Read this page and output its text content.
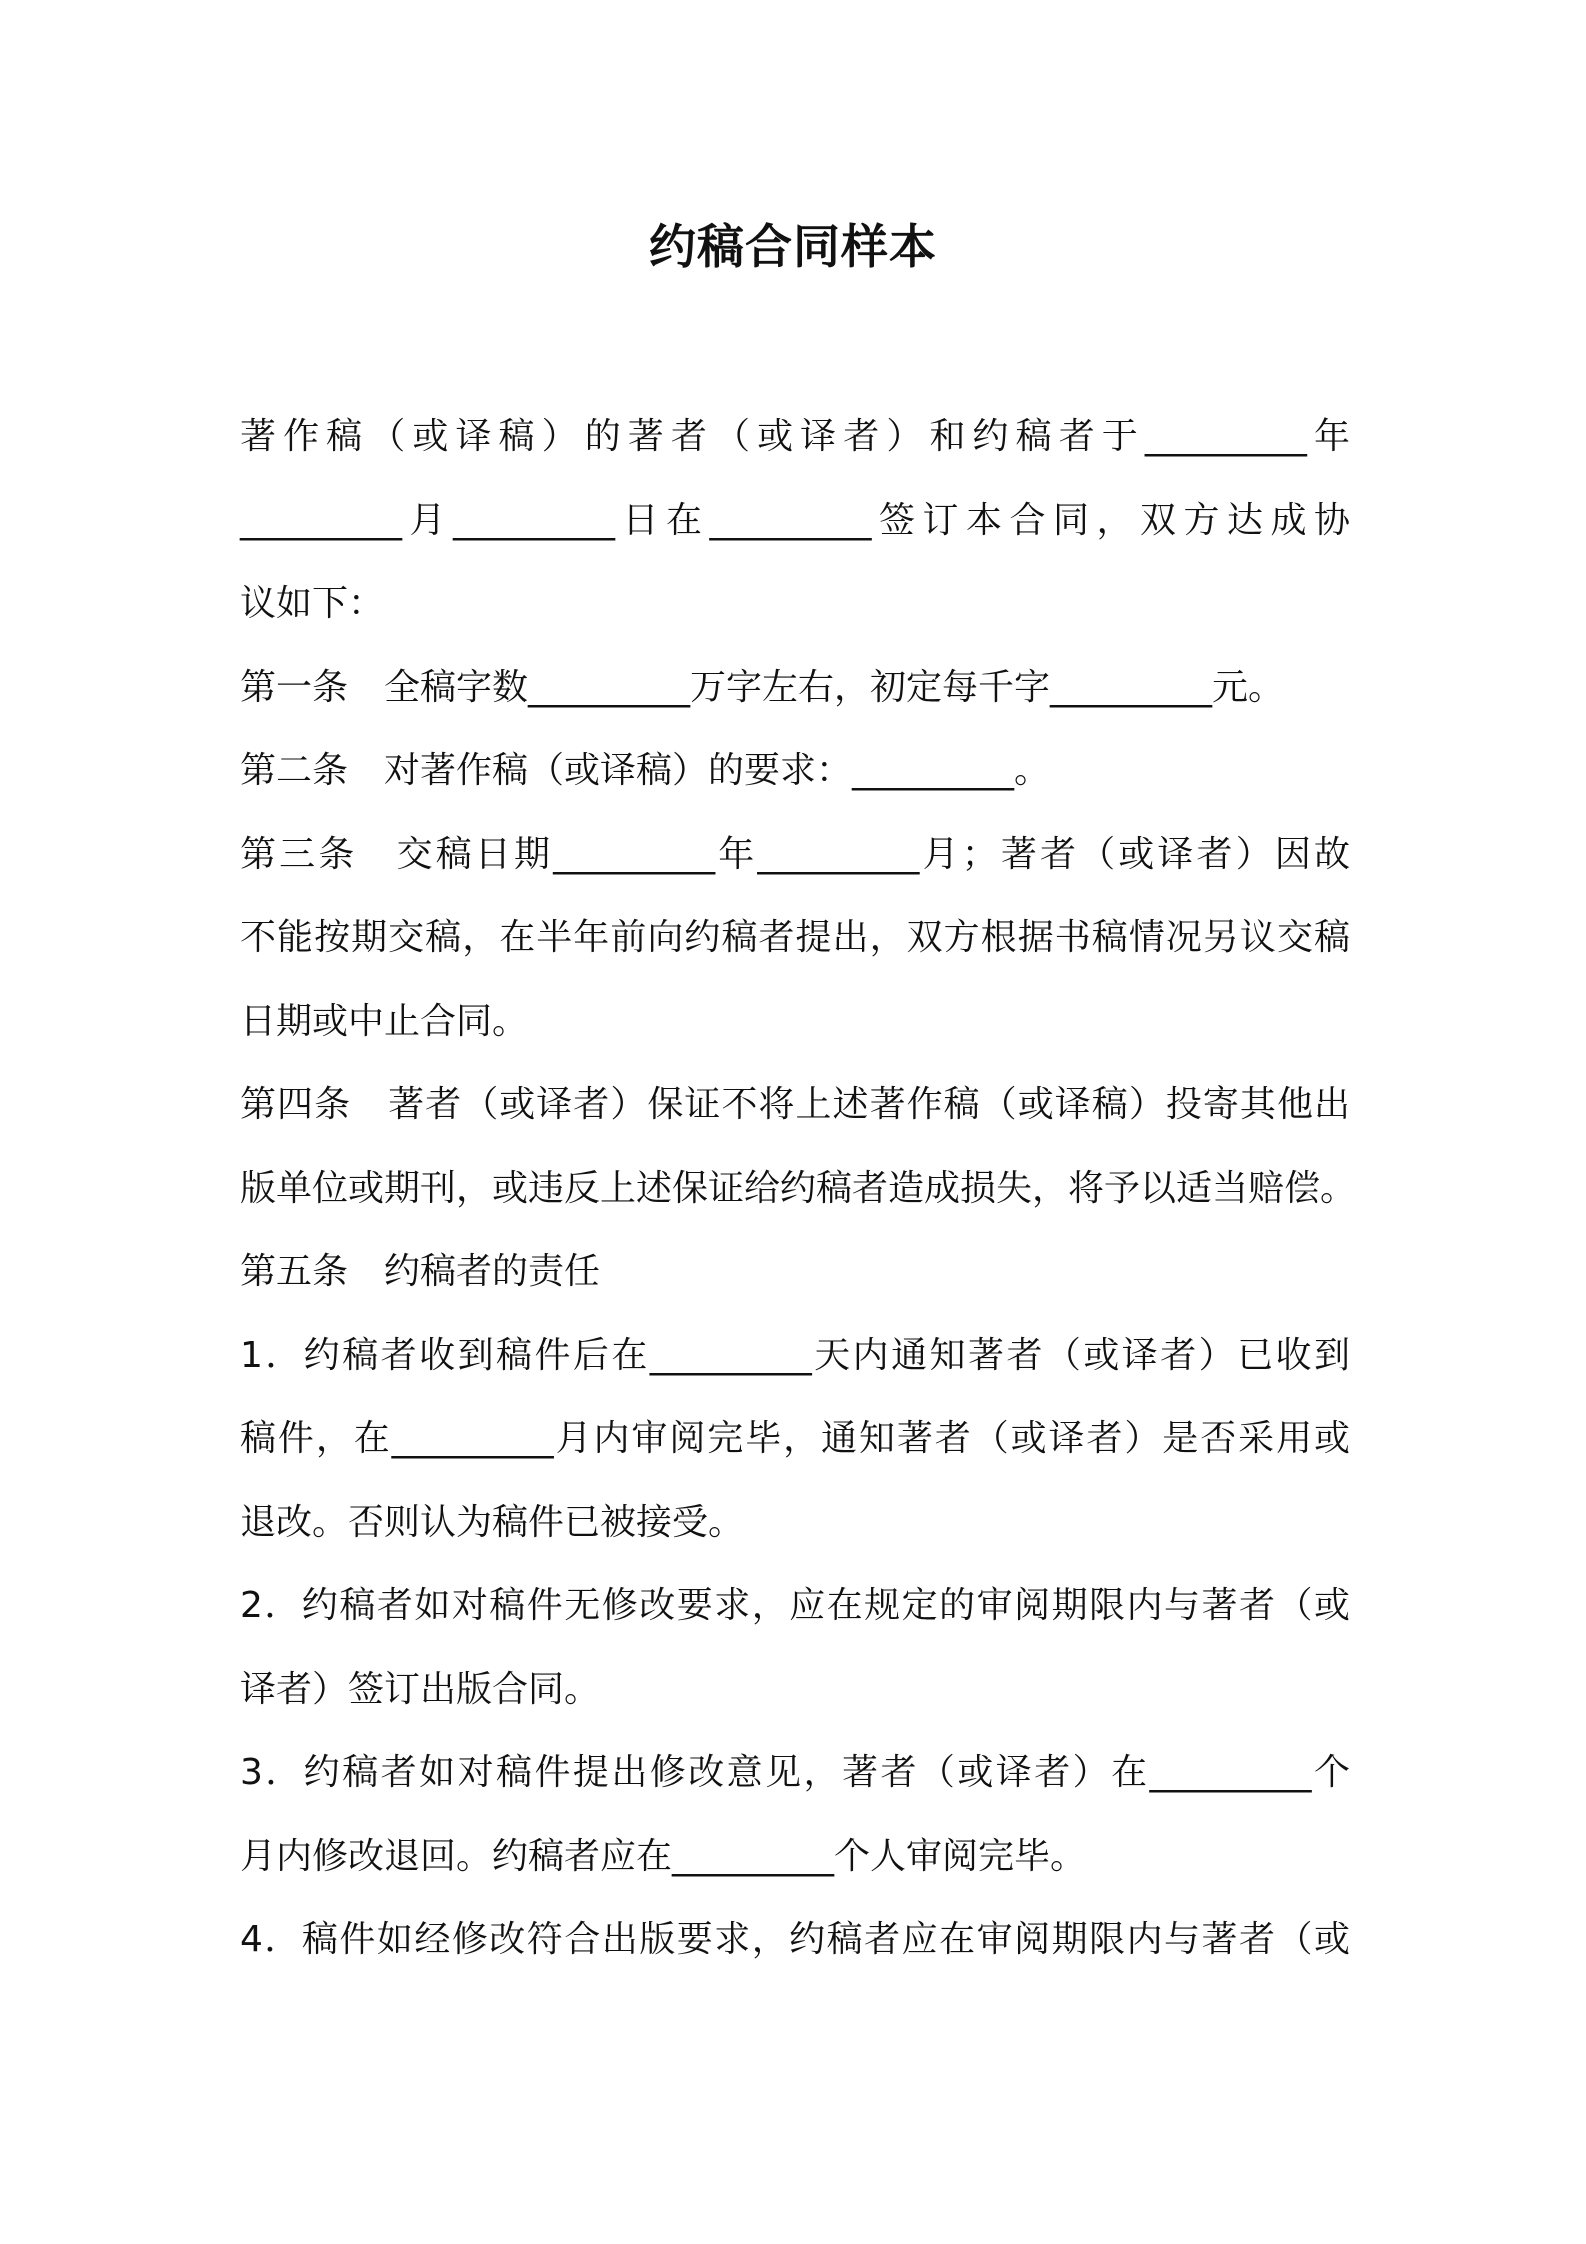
约稿合同样本
著作稿（或译稿）的著者（或译者）和约稿者于_________年
_________月_________日在_________签订本合同，双方达成协
议如下：
第一条　全稿字数_________万字左右，初定每千字_________元。
第二条　对著作稿（或译稿）的要求：_________。
第三条　交稿日期_________年_________月；著者（或译者）因故
不能按期交稿，在半年前向约稿者提出，双方根据书稿情况另议交稿
日期或中止合同。
第四条　著者（或译者）保证不将上述著作稿（或译稿）投寄其他出
版单位或期刊，或违反上述保证给约稿者造成损失，将予以适当赔偿。
第五条　约稿者的责任
1．约稿者收到稿件后在_________天内通知著者（或译者）已收到
稿件，在_________月内审阅完毕，通知著者（或译者）是否采用或
退改。否则认为稿件已被接受。
2．约稿者如对稿件无修改要求，应在规定的审阅期限内与著者（或
译者）签订出版合同。
3．约稿者如对稿件提出修改意见，著者（或译者）在_________个
月内修改退回。约稿者应在_________个人审阅完毕。
4．稿件如经修改符合出版要求，约稿者应在审阅期限内与著者（或
